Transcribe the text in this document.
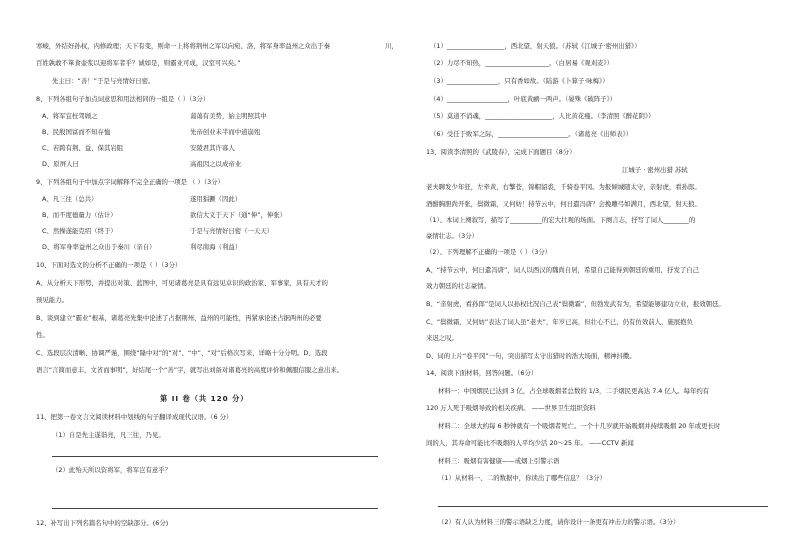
寒峻，外结好孙权，内修政理；天下有变，则命一上将将荆州之军以向宛、洛，将军身率益州之众出于秦	川，
百姓孰敢不箪食壶浆以迎将军者乎？诚如是，则霸业可成，汉室可兴矣。”
先主曰：“善！”于是与亮情好日密。
8、下列各组句子加点词意思和用法相同的一组是（ ）（3分）
A、将军宜枉驾顾之	蔼蔼有美势，始主明照其中
B、民殷国富而不知存恤	先帝创业未半而中道崩殂
C、若跨有荆、益，保其岩阻	安陵君其许寡人
D、原屏人曰	高祖因之以成帝业
9、下列各组句子中加点字词解释不完全正确的一项是 （ ）（3分）
A、凡三往（总共）	遂用猖獗（因此）
B、而不度德量力（估计）	欲信大义于天下（通“伸”，伸张）
C、然操遂能克绍（终于）	于是与亮情好日密（一天天）
D、将军身率益州之众出于秦川（亲自）	利尽南海（利益）
10、下面对选文的分析不正确的一项是（ ）（3分）
A、从分析天下形势，并提出对策、蓝图中，可见诸葛亮是具有远见卓识的政治家、军事家，具有天才的
预见能力。
B、谈到建立“霸业”根基，诸葛亮先集中论述了占据荆州、益州的可能性，再紧承论述占据两州的必要
性。
C、选段层次清晰、协调严谨，围绕“隆中对”的“对”、“中”、“对”后格次写来，详略十分分明。D、选段
语言“言简而意丰，文省而事明”，好结尾一个“善”字，就写出刘备对诸葛亮的高度评价和佩服信服之意出来。
第 II 卷（共 120 分）
11、把第一卷文言文阅读材料中划线的句子翻译成现代汉语。（6 分）
（1）自是先主遂诣亮，凡三往，乃见。
（2）此殆天所以资将军，将军岂有意乎？
12、补写出下列名篇名句中的空缺部分。(6分)
（1）__________________，西北望，射天狼。（苏轼《江城子·密州出猎》）
（2）力尽不知热，____________________。（白居易《观刈麦》）
（3）________________，只有香如故。（陆游《卜算子·咏梅》）
（4）___________________，叶底黄鹂一两声。（晏殊《破阵子》）
（5）莫道不消魂，_____________________，人比黄花瘦。（李清照《醉花阴》）
（6）受任于败军之际，______________________。（诸葛亮《出师表》）
13、阅读李清照的《武陵春》，完成下面题目（8分）
江城子 · 密州出猎 苏轼
老夫聊发少年狂，左牵黄，右擎苍，锦帽貂裘，千骑卷平冈。为报倾城随太守，亲射虎，看孙郎。
酒酣胸胆尚开张，鬓微霜，又何妨！持节云中，何日遣冯唐？会挽雕弓如满月，西北望，射天狼。
（1）、本词上阕叙写，描写了__________的宏大壮观的场面。下阕言志，抒写了词人________的
豪情壮志。（3分）
（2）、下列理解不正确的一项是（ ）（3分）
A、“持节云中，何日遣冯唐”，词人以西汉的魏尚自居，希望自己能得到朝廷的重用，抒发了自己
效力朝廷的壮志豪情。
B、“亲射虎，看孙郎”是词人以孙权比况自己表“鬓微霜”，但勃发武有为，希望能够建功立业，报效朝廷。
C、“鬓微霜，又何妨”表达了词人虽“老夫”，年岁已高，但壮心不已，仍有仿效前人，施展抱负
来迟之叹。
D、词的上片“卷平冈”一句，突出描写太守出猎时的浩大场面，精神抖擞。
14、阅读下面材料，回答问题。（6分）
材料一：中国烟民已达到 3 亿，占全球吸烟者总数的 1/3，二手烟民更高达 7.4 亿人。每年约有
120 万人死于吸烟导致的相关疾病。 ——世界卫生组织资料
材料二：全球大约每 6 秒钟就有一个吸烟者死亡。一个十几岁就开始吸烟并持续吸烟 20 年或更长时
间的人，其寿命可能比不吸烟的人平均少活 20～25 年。 ——CCTV 新闻
材料三：吸烟有害健康——戒烟上引警示语
（1）从材料一、二的数据中，你读出了哪些信息？（3分）
（2）有人认为材料三的警示语缺乏力度，请你设计一条更有冲击力的警示语。（3分）
